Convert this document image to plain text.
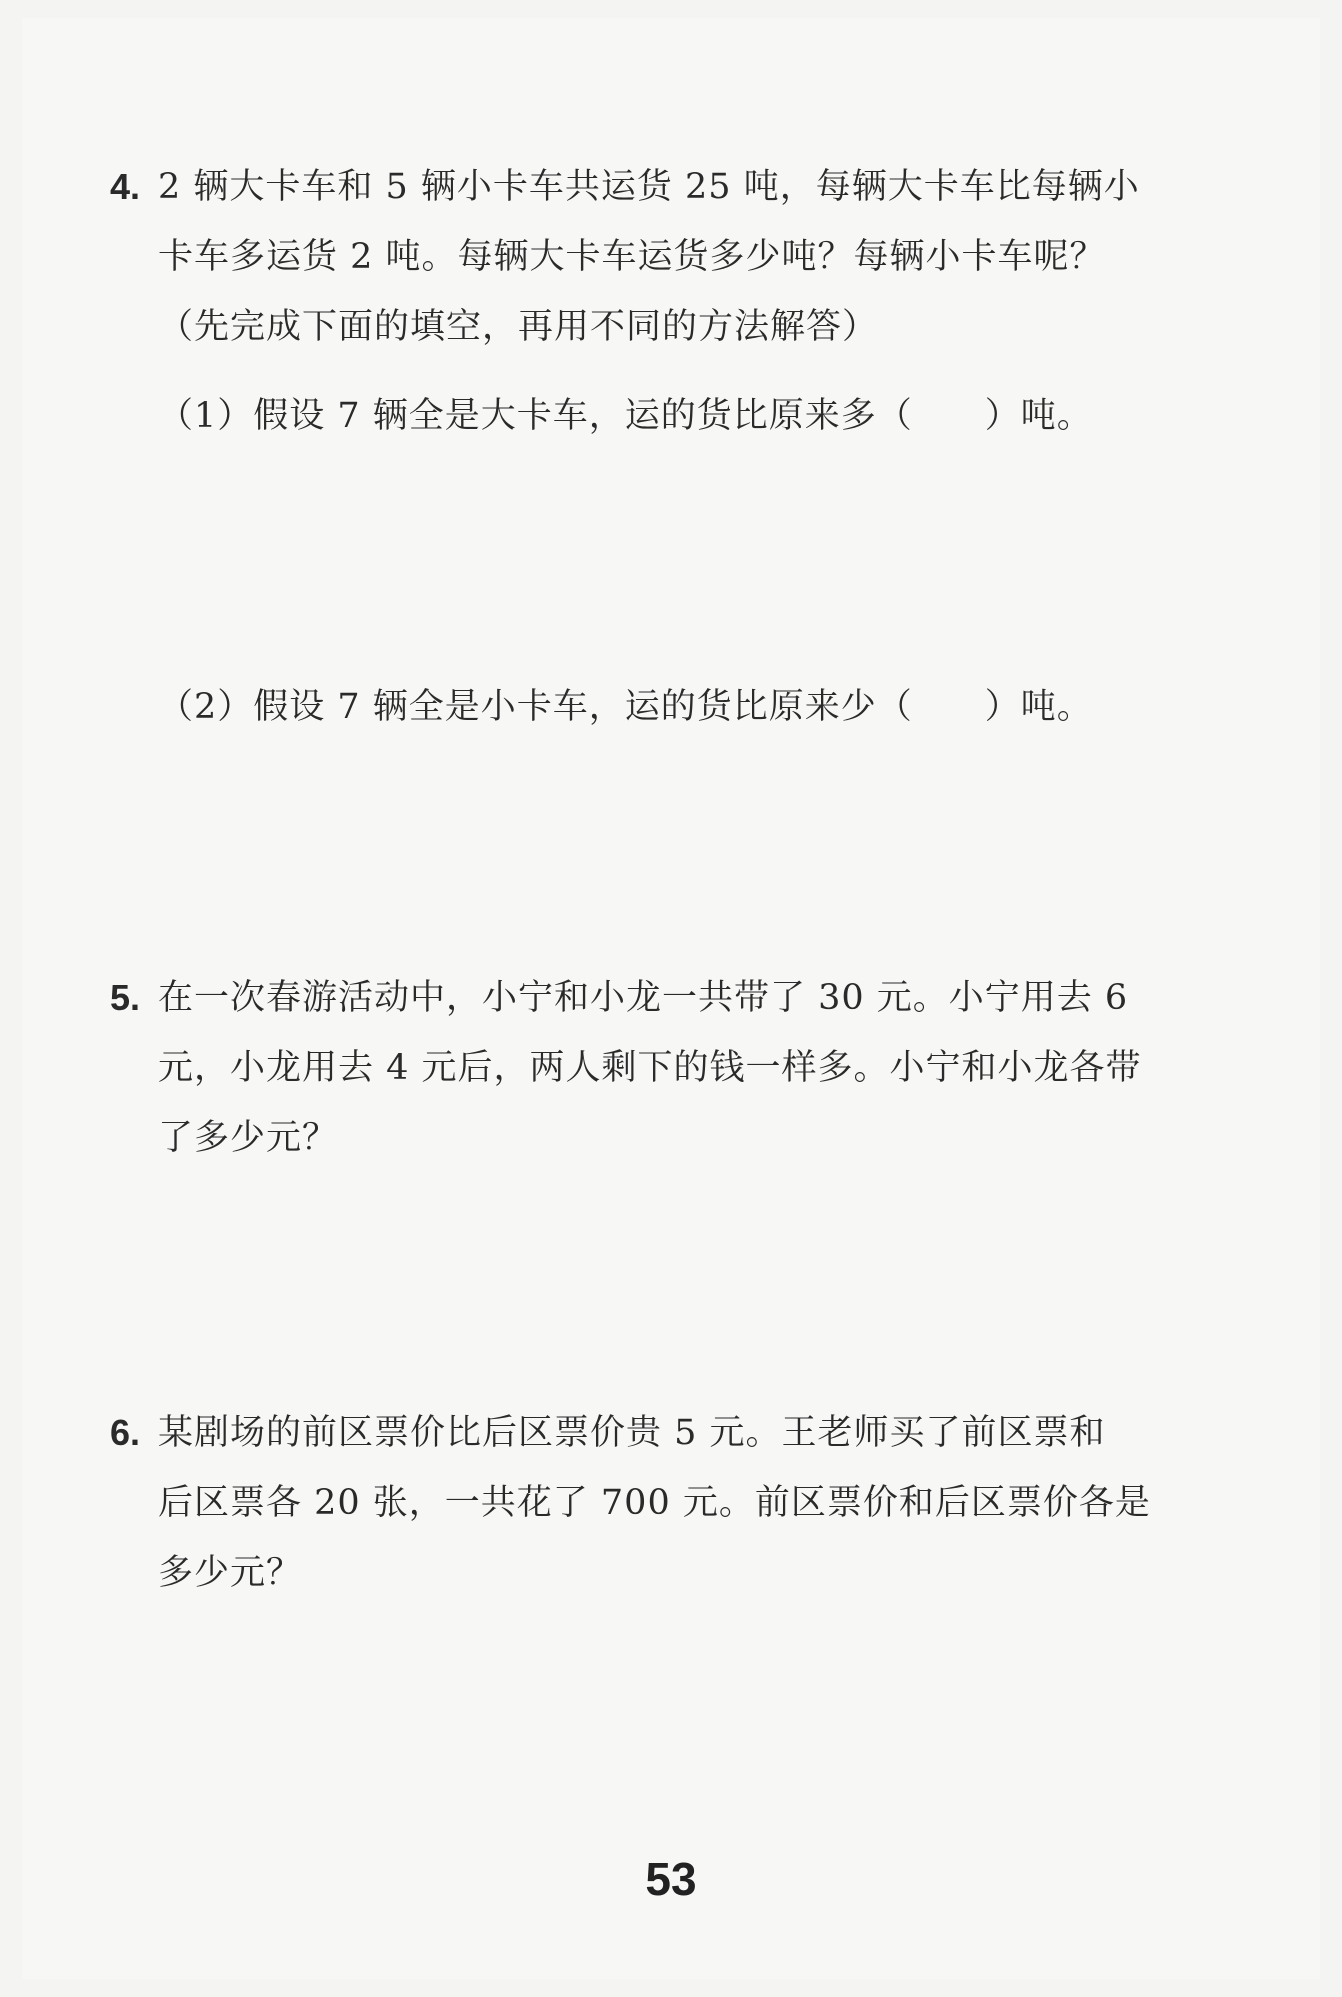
4. 2 辆大卡车和 5 辆小卡车共运货 25 吨，每辆大卡车比每辆小
卡车多运货 2 吨。每辆大卡车运货多少吨？每辆小卡车呢？
（先完成下面的填空，再用不同的方法解答）
（1）假设 7 辆全是大卡车，运的货比原来多（　　）吨。
（2）假设 7 辆全是小卡车，运的货比原来少（　　）吨。
5. 在一次春游活动中，小宁和小龙一共带了 30 元。小宁用去 6
元，小龙用去 4 元后，两人剩下的钱一样多。小宁和小龙各带
了多少元？
6. 某剧场的前区票价比后区票价贵 5 元。王老师买了前区票和
后区票各 20 张，一共花了 700 元。前区票价和后区票价各是
多少元？
53
